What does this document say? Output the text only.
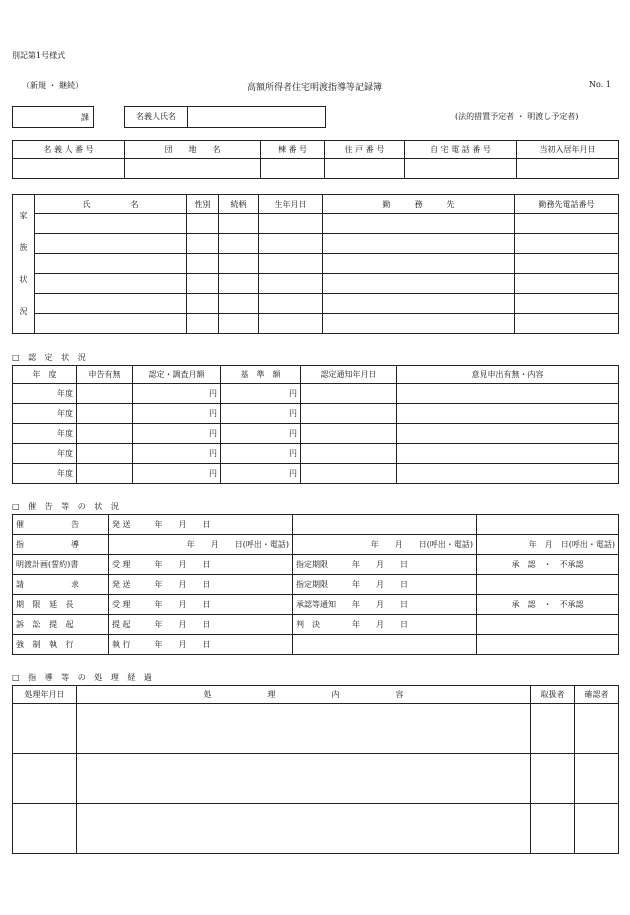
別記第1号様式
（新規 ・ 継続）	高額所得者住宅明渡指導等記録簿	No. 1
課	名義人氏名	(法的措置予定者 ・ 明渡し予定者)
名 義 人 番 号	団　　地　　名	棟 番 号	住 戸 番 号	自 宅 電 話 番 号	当初入居年月日

家
族
状
況	氏　　　　　名	性別	続柄	生年月日	勤　　　務　　　先	勤務先電話番号

□ 認 定 状 況
年　度	申告有無	認定・調査月額	基　準　額	認定通知年月日	意見申出有無・内容
年度		円	円		
年度		円	円		
年度		円	円		
年度		円	円		
年度		円	円		
□ 催 告 等 の 状 況
催　　　　告	発 送　　　年　　月　　日		
指　　　　導	年　　月　　日(呼出・電話)	年　　月　　日(呼出・電話)	年　月　日(呼出・電話)
明渡計画(誓約)書	受 理　　　年　　月　　日	指定期限　　　年　　月　　日	承　認　・　不承認
請　　　　求	発 送　　　年　　月　　日	指定期限　　　年　　月　　日	
期 限 延 長	受 理　　　年　　月　　日	承認等通知　　年　　月　　日	承　認　・　不承認
訴 訟 提 起	提 起　　　年　　月　　日	判　決　　　　年　　月　　日	
強 制 執 行	執 行　　　年　　月　　日		
□ 指 導 等 の 処 理 経 過
処理年月日	処　　　　　　　理　　　　　　　内　　　　　　　容	取扱者	確認者
